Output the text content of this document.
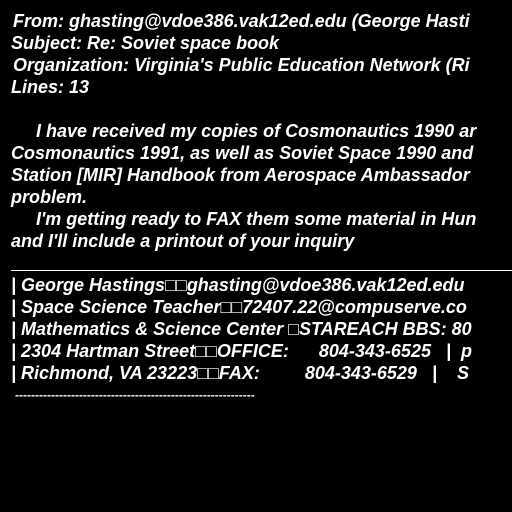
From: ghasting@vdoe386.vak12ed.edu (George Hasti
Subject: Re: Soviet space book
Organization: Virginia's Public Education Network (Ri
Lines: 13
I have received my copies of Cosmonautics 1990 ar
Cosmonautics 1991, as well as Soviet Space 1990 and
Station [MIR] Handbook from Aerospace Ambassador
problem.
I'm getting ready to FAX them some material in Hun
and I'll include a printout of your inquiry
| George Hastings□□ghasting@vdoe386.vak12ed.edu
| Space Science Teacher□□72407.22@compuserve.co
| Mathematics & Science Center □STAREACH BBS: 80
| 2304 Hartman Street□□OFFICE:      804-343-6525   |  p
| Richmond, VA 23223□□FAX:         804-343-6529   |    S
------------------------------------------------------------
